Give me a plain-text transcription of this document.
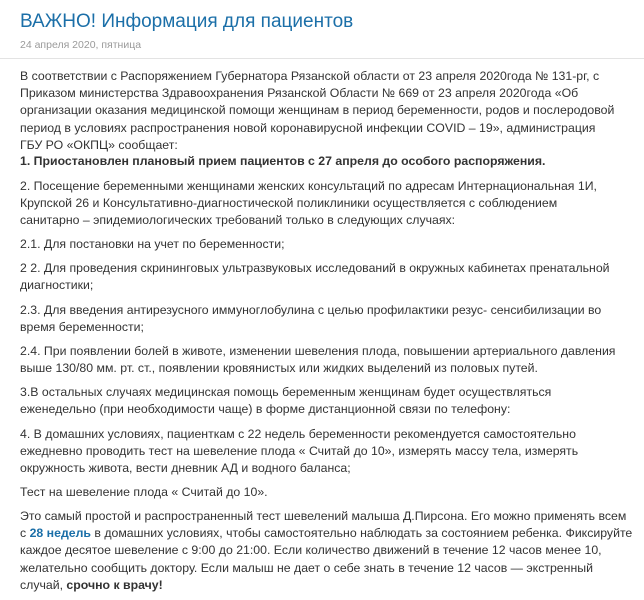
ВАЖНО! Информация для пациентов
24 апреля 2020, пятница
В соответствии с Распоряжением Губернатора Рязанской области от 23 апреля 2020года № 131-рг, с
Приказом министерства Здравоохранения Рязанской Области № 669 от 23 апреля 2020года «Об
организации оказания медицинской помощи женщинам в период беременности, родов и послеродовой
период в условиях распространения новой коронавирусной инфекции COVID – 19», администрация
ГБУ РО «ОКПЦ» сообщает:
1. Приостановлен плановый прием пациентов с 27 апреля до особого распоряжения.
2. Посещение беременными женщинами женских консультаций по адресам Интернациональная 1И,
Крупской 26 и Консультативно-диагностической поликлиники осуществляется с соблюдением
санитарно – эпидемиологических требований только в следующих случаях:
2.1. Для постановки на учет по беременности;
2 2. Для проведения скрининговых ультразвуковых исследований в окружных кабинетах пренатальной
диагностики;
2.3. Для введения антирезусного иммуноглобулина с целью профилактики резус- сенсибилизации во
время беременности;
2.4. При появлении болей в животе, изменении шевеления плода, повышении артериального давления
выше 130/80 мм. рт. ст., появлении кровянистых или жидких выделений из половых путей.
3.В остальных случаях медицинская помощь беременным женщинам будет осуществляться
еженедельно (при необходимости чаще) в форме дистанционной связи по телефону:
4. В домашних условиях, пациенткам с 22 недель беременности рекомендуется самостоятельно
ежедневно проводить тест на шевеление плода « Считай до 10», измерять массу тела, измерять
окружность живота, вести дневник АД и водного баланса;
Тест на шевеление плода « Считай до 10».
Это самый простой и распространенный тест шевелений малыша Д.Пирсона. Его можно применять всем
с 28 недель в домашних условиях, чтобы самостоятельно наблюдать за состоянием ребенка. Фиксируйте
каждое десятое шевеление с 9:00 до 21:00. Если количество движений в течение 12 часов менее 10,
желательно сообщить доктору. Если малыш не дает о себе знать в течение 12 часов — экстренный
случай, срочно к врачу!
